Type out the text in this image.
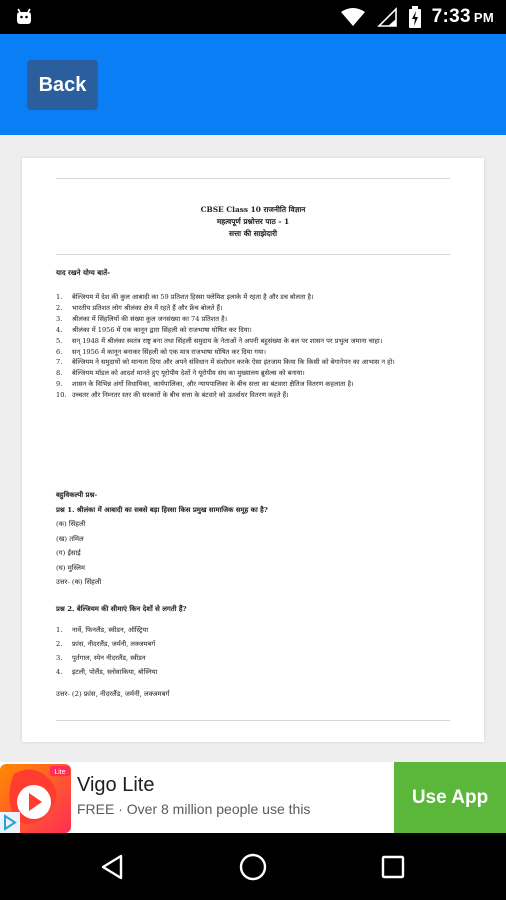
7:33 PM
Back
CBSE Class 10 राजनीति विज्ञान
महत्वपूर्ण प्रश्नोत्तर पाठ - 1
सत्ता की साझेदारी
याद रखने योग्य बातें-
1.	बेल्जियम में देश की कुल आबादी का 59 प्रतिशत हिस्सा फ्लेमिश इलाके में रहता है और डच बोलता है।
2.	भारतीय प्रतिशत लोग श्रीलंका क्षेत्र में रहते हैं और फ्रेंच बोलते हैं।
3.	श्रीलंका में सिंहलियों की संख्या कुल जनसंख्या का 74 प्रतिशत है।
4.	श्रीलंका में 1956 में एक कानून द्वारा सिंहली को राजभाषा घोषित कर दिया।
5.	सन् 1948 में श्रीलंका स्वतंत्र राष्ट्र बना तथा सिंहली समुदाय के नेताओं ने अपनी बहुसंख्या के बल पर शासन पर प्रभुत्व जमाना चाहा।
6.	सन् 1956 में कानून बनाकर सिंहली को एक मात्र राजभाषा घोषित कर दिया गया।
7.	बेल्जियम ने समुदायों को मान्यता दिया और अपने संविधान में संशोधन करके ऐसा इंतजाम किया कि किसी को बेगानेपन का आभास न हो।
8.	बेल्जियम मॉडल को आदर्श मानते हुए यूरोपीय देशों ने यूरोपीय संघ का मुख्यालय ब्रुसेल्स को बनाया।
9.	शासन के विभिन्न अंगों विधायिका, कार्यपालिका, और न्यायपालिका के बीच सत्ता का बंटवारा क्षैतिज वितरण कहलाता है।
10. उच्चतर और निम्नतर स्तर की सरकारों के बीच सत्ता के बंटवारे को ऊर्ध्वाधर वितरण कहते हैं।
बहुविकल्पी प्रश्न-
प्रश्न 1. श्रीलंका में आबादी का सबसे बड़ा हिस्सा किस प्रमुख सामाजिक समूह का है?
(क) सिंहली
(ख) तमिल
(ग) ईसाई
(घ) मुस्लिम
उत्तर- (क) सिंहली
प्रश्न 2. बेल्जियम की सीमाएं किन देशों से लगती हैं?
1.	नार्वे, फिनलैंड, स्वीडन, ऑस्ट्रिया
2.	फ्रांस, नीदरलैंड, जर्मनी, लक्जमबर्ग
3.	पुर्तगाल, स्पेन नीदरलैंड, स्वीडन
4.	इटली, पोलैंड, स्लोवाकिया, बोस्निया
उत्तर- (2) फ्रांस, नीदरलैंड, जर्मनी, लक्जमबर्ग
Lite
Vigo Lite
FREE · Over 8 million people use this
Use App
